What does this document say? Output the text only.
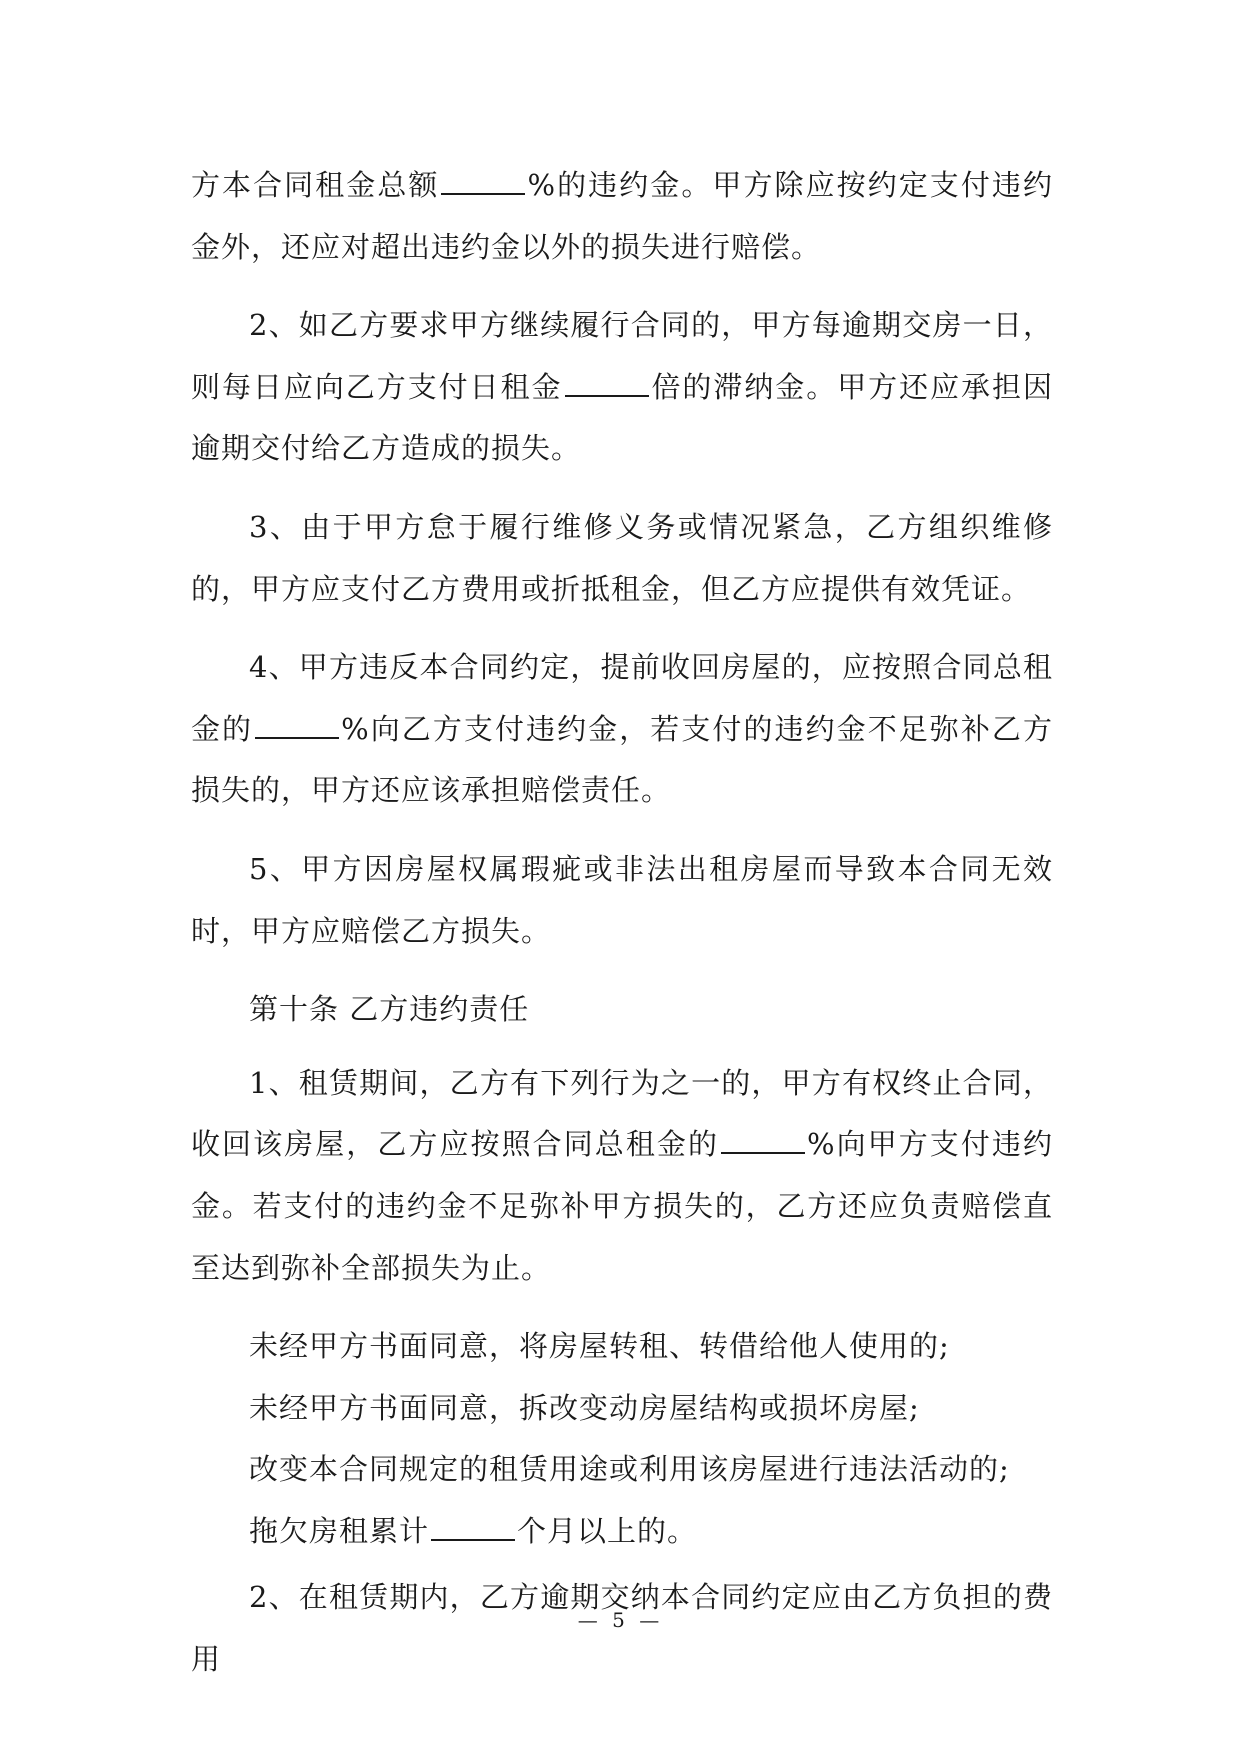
方本合同租金总额	%的违约金。甲方除应按约定支付违约金外，还应对超出违约金以外的损失进行赔偿。

2、如乙方要求甲方继续履行合同的，甲方每逾期交房一日，则每日应向乙方支付日租金	倍的滞纳金。甲方还应承担因逾期交付给乙方造成的损失。

3、由于甲方怠于履行维修义务或情况紧急，乙方组织维修的，甲方应支付乙方费用或折抵租金，但乙方应提供有效凭证。

4、甲方违反本合同约定，提前收回房屋的，应按照合同总租金的	%向乙方支付违约金，若支付的违约金不足弥补乙方损失的，甲方还应该承担赔偿责任。

5、甲方因房屋权属瑕疵或非法出租房屋而导致本合同无效时，甲方应赔偿乙方损失。

第十条 乙方违约责任

1、租赁期间，乙方有下列行为之一的，甲方有权终止合同，收回该房屋，乙方应按照合同总租金的	%向甲方支付违约金。若支付的违约金不足弥补甲方损失的，乙方还应负责赔偿直至达到弥补全部损失为止。

未经甲方书面同意，将房屋转租、转借给他人使用的;

未经甲方书面同意，拆改变动房屋结构或损坏房屋;

改变本合同规定的租赁用途或利用该房屋进行违法活动的;

拖欠房租累计	个月以上的。

2、在租赁期内，乙方逾期交纳本合同约定应由乙方负担的费用

— 5 —
